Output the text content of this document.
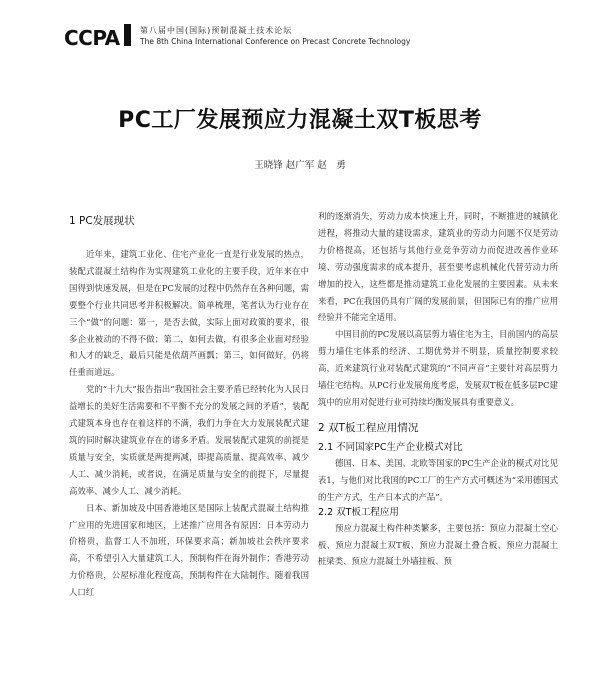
CCPA	第八届中国(国际)预制混凝土技术论坛
The 8th China International Conference on Precast Concrete Technology
PC工厂发展预应力混凝土双T板思考
王晓锋 赵广军 赵　勇
1 PC发展现状

近年来，建筑工业化、住宅产业化一直是行业发展的热点，装配式混凝土结构作为实现建筑工业化的主要手段，近年来在中国得到快速发展，但是在PC发展的过程中仍然存在各种问题，需要整个行业共同思考并积极解决。简单梳理，笔者认为行业存在三个“做”的问题：第一，是否去做，实际上面对政策的要求，很多企业被动的不得不做；第二，如何去做，有很多企业面对经验和人才的缺乏，最后只能是依葫芦画瓢；第三，如何做好，仍将任重而道远。

党的“十九大”报告指出“我国社会主要矛盾已经转化为人民日益增长的美好生活需要和不平衡不充分的发展之间的矛盾”，装配式建筑本身也存在着这样的不满，我们力争在大力发展装配式建筑的同时解决建筑业存在的诸多矛盾。发展装配式建筑的前提是质量与安全，实质就是两提两减，即提高质量、提高效率、减少人工、减少消耗，或者说，在满足质量与安全的前提下，尽量提高效率、减少人工、减少消耗。

日本、新加坡及中国香港地区是国际上装配式混凝土结构推广应用的先进国家和地区，上述推广应用各有原因：日本劳动力价格贵，监督工人不加班，环保要求高；新加坡社会秩序要求高，不希望引入大量建筑工人，预制构件在海外制作；香港劳动力价格贵，公屋标准化程度高，预制构件在大陆制作。随着我国人口红

利的逐渐消失，劳动力成本快速上升，同时，不断推进的城镇化进程，将推动大量的建设需求，建筑业的劳动力问题不仅是劳动力价格提高，还包括与其他行业竞争劳动力而促进改善作业环境、劳动强度需求的成本提升，甚至要考虑机械化代替劳动力所增加的投入，这些都是推动建筑工业化发展的主要因素。从未来来看，PC在我国仍具有广阔的发展前景，但国际已有的推广应用经验并不能完全适用。

中国目前的PC发展以高层剪力墙住宅为主，目前国内的高层剪力墙住宅体系的经济、工期优势并不明显，质量控制要求较高，近来建筑行业对装配式建筑的“不同声音”主要针对高层剪力墙住宅结构。从PC行业发展角度考虑，发展双T板在低多层PC建筑中的应用对促进行业可持续均衡发展具有重要意义。

2 双T板工程应用情况
2.1 不同国家PC生产企业模式对比

德国、日本、美国、北欧等国家的PC生产企业的模式对比见表1，与他们对比我国的PC工厂的生产方式可概述为“采用德国式的生产方式，生产日本式的产品”。

2.2 双T板工程应用

预应力混凝土构件种类繁多，主要包括：预应力混凝土空心板、预应力混凝土双T板、预应力混凝土叠合板、预应力混凝土桩梁类、预应力混凝土外墙挂板、预
